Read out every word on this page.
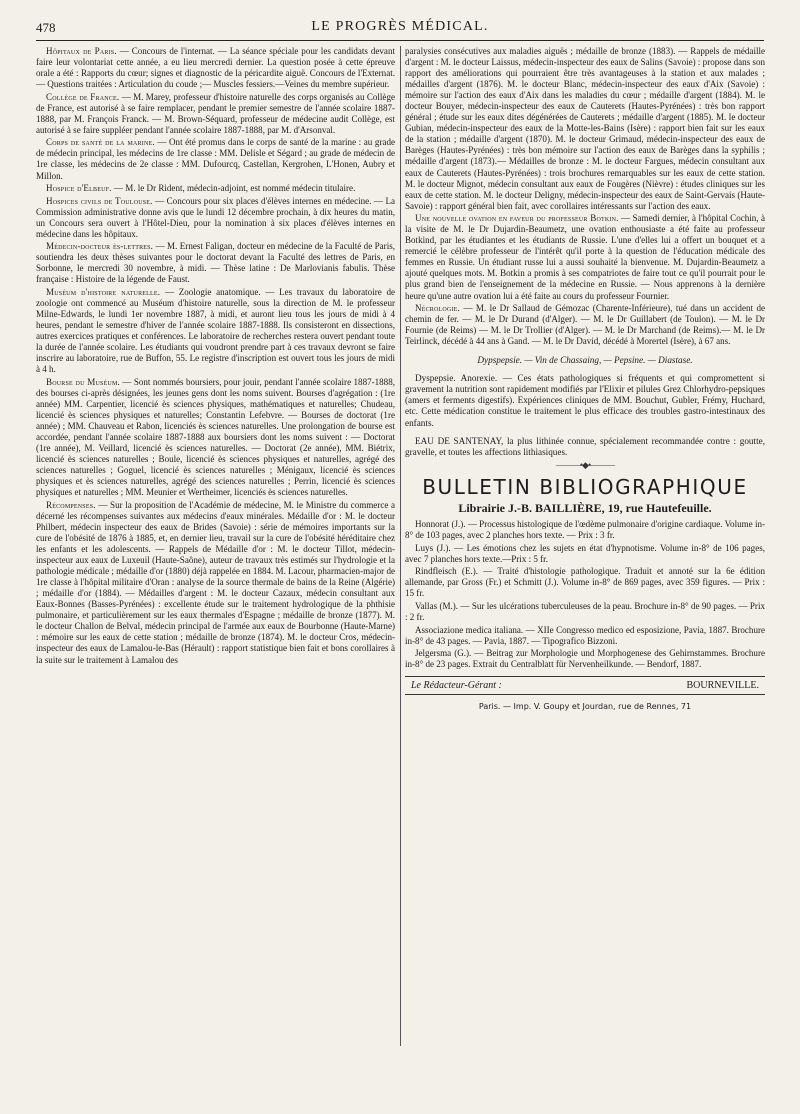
478	LE PROGRÈS MÉDICAL.

Hôpitaux de Paris. — Concours de l'internat. — La séance spéciale pour les candidats devant faire leur volontariat cette année, a eu lieu mercredi dernier. La question posée à cette épreuve orale a été : Rapports du cœur; signes et diagnostic de la péricardite aiguë. Concours de l'Externat. — Questions traitées : Articulation du coude ;— Muscles fessiers.—Veines du membre supérieur.

Collège de France. — M. Marey, professeur d'histoire naturelle des corps organisés au Collège de France, est autorisé à se faire remplacer, pendant le premier semestre de l'année scolaire 1887-1888, par M. François Franck. — M. Brown-Séquard, professeur de médecine audit Collège, est autorisé à se faire suppléer pendant l'année scolaire 1887-1888, par M. d'Arsonval.

Corps de santé de la marine. — Ont été promus dans le corps de santé de la marine : au grade de médecin principal, les médecins de 1re classe : MM. Delisle et Ségard ; au grade de médecin de 1re classe, les médecins de 2e classe : MM. Dufourcq, Castellan, Kergrohen, L'Honen, Aubry et Millon.

Hospice d'Elbeuf. — M. le Dr Rident, médecin-adjoint, est nommé médecin titulaire.

Hospices civils de Toulouse. — Concours pour six places d'élèves internes en médecine. — La Commission administrative donne avis que le lundi 12 décembre prochain, à dix heures du matin, un Concours sera ouvert à l'Hôtel-Dieu, pour la nomination à six places d'élèves internes en médecine dans les hôpitaux.

Médecin-docteur ès-lettres. — M. Ernest Faligan, docteur en médecine de la Faculté de Paris, soutiendra les deux thèses suivantes pour le doctorat devant la Faculté des lettres de Paris, en Sorbonne, le mercredi 30 novembre, à midi. — Thèse latine : De Marlovianis fabulis. Thèse française : Histoire de la légende de Faust.

Muséum d'histoire naturelle. — Zoologie anatomique. — Les travaux du laboratoire de zoologie ont commencé au Muséum d'histoire naturelle, sous la direction de M. le professeur Milne-Edwards, le lundi 1er novembre 1887, à midi, et auront lieu tous les jours de midi à 4 heures, pendant le semestre d'hiver de l'année scolaire 1887-1888. Ils consisteront en dissections, autres exercices pratiques et conférences. Le laboratoire de recherches restera ouvert pendant toute la durée de l'année scolaire. Les étudiants qui voudront prendre part à ces travaux devront se faire inscrire au laboratoire, rue de Buffon, 55. Le registre d'inscription est ouvert tous les jours de midi à 4 h.

Bourse du Muséum. — Sont nommés boursiers, pour jouir, pendant l'année scolaire 1887-1888, des bourses ci-après désignées, les jeunes gens dont les noms suivent. Bourses d'agrégation : (1re année) MM. Carpentier, licencié ès sciences physiques, mathématiques et naturelles; Chudeau, licencié ès sciences physiques et naturelles; Constantin Lefebvre. — Bourses de doctorat (1re année) ; MM. Chauveau et Rabon, licenciés ès sciences naturelles. Une prolongation de bourse est accordée, pendant l'année scolaire 1887-1888 aux boursiers dont les noms suivent : — Doctorat (1re année), M. Veillard, licencié ès sciences naturelles. — Doctorat (2e année), MM. Biétrix, licencié ès sciences naturelles ; Boule, licencié ès sciences physiques et naturelles, agrégé des sciences naturelles ; Goguel, licencié ès sciences naturelles ; Ménigaux, licencié ès sciences physiques et ès sciences naturelles, agrégé des sciences naturelles ; Perrin, licencié ès sciences physiques et naturelles ; MM. Meunier et Wertheimer, licenciés ès sciences naturelles.

Récompenses. — Sur la proposition de l'Académie de médecine, M. le Ministre du commerce a décerné les récompenses suivantes aux médecins d'eaux minérales. Médaille d'or : M. le docteur Philbert, médecin inspecteur des eaux de Brides (Savoie) : série de mémoires importants sur la cure de l'obésité de 1876 à 1885, et, en dernier lieu, travail sur la cure de l'obésité héréditaire chez les enfants et les adolescents. — Rappels de Médaille d'or : M. le docteur Tillot, médecin-inspecteur aux eaux de Luxeuil (Haute-Saône), auteur de travaux très estimés sur l'hydrologie et la pathologie médicale ; médaille d'or (1880) déjà rappelée en 1884. M. Lacour, pharmacien-major de 1re classe à l'hôpital militaire d'Oran : analyse de la source thermale de bains de la Reine (Algérie) ; médaille d'or (1884). — Médailles d'argent : M. le docteur Cazaux, médecin consultant aux Eaux-Bonnes (Basses-Pyrénées) : excellente étude sur le traitement hydrologique de la phthisie pulmonaire, et particulièrement sur les eaux thermales d'Espagne ; médaille de bronze (1877). M. le docteur Challon de Belval, médecin principal de l'armée aux eaux de Bourbonne (Haute-Marne) : mémoire sur les eaux de cette station ; médaille de bronze (1874). M. le docteur Cros, médecin-inspecteur des eaux de Lamalou-le-Bas (Hérault) : rapport statistique bien fait et bons corollaires à la suite sur le traitement à Lamalou des

paralysies consécutives aux maladies aiguës ; médaille de bronze (1883). — Rappels de médaille d'argent : M. le docteur Laissus, médecin-inspecteur des eaux de Salins (Savoie) : propose dans son rapport des améliorations qui pourraient être très avantageuses à la station et aux malades ; médailles d'argent (1876). M. le docteur Blanc, médecin-inspecteur des eaux d'Aix (Savoie) : mémoire sur l'action des eaux d'Aix dans les maladies du cœur ; médaille d'argent (1884). M. le docteur Bouyer, médecin-inspecteur des eaux de Cauterets (Hautes-Pyrénées) : très bon rapport général ; étude sur les eaux dites dégénérées de Cauterets ; médaille d'argent (1885). M. le docteur Gubian, médecin-inspecteur des eaux de la Motte-les-Bains (Isère) : rapport bien fait sur les eaux de la station ; médaille d'argent (1870). M. le docteur Grimaud, médecin-inspecteur des eaux de Barèges (Hautes-Pyrénées) : très bon mémoire sur l'action des eaux de Barèges dans la syphilis ; médaille d'argent (1873).— Médailles de bronze : M. le docteur Fargues, médecin consultant aux eaux de Cauterets (Hautes-Pyrénées) : trois brochures remarquables sur les eaux de cette station. M. le docteur Mignot, médecin consultant aux eaux de Fougères (Nièvre) : études cliniques sur les eaux de cette station. M. le docteur Deligny, médecin-inspecteur des eaux de Saint-Gervais (Haute-Savoie) : rapport général bien fait, avec corollaires intéressants sur l'action des eaux.

Une nouvelle ovation en faveur du professeur Botkin. — Samedi dernier, à l'hôpital Cochin, à la visite de M. le Dr Dujardin-Beaumetz, une ovation enthousiaste a été faite au professeur Botkind, par les étudiantes et les étudiants de Russie. L'une d'elles lui a offert un bouquet et a remercié le célèbre professeur de l'intérêt qu'il porte à la question de l'éducation médicale des femmes en Russie. Un étudiant russe lui a aussi souhaité la bienvenue. M. Dujardin-Beaumetz a ajouté quelques mots. M. Botkin a promis à ses compatriotes de faire tout ce qu'il pourrait pour le plus grand bien de l'enseignement de la médecine en Russie. — Nous apprenons à la dernière heure qu'une autre ovation lui a été faite au cours du professeur Fournier.

Nécrologie. — M. le Dr Sallaud de Gémozac (Charente-Inférieure), tué dans un accident de chemin de fer. — M. le Dr Durand (d'Alger). — M. le Dr Guillabert (de Toulon). — M. le Dr Fournie (de Reims) — M. le Dr Trollier (d'Alger). — M. le Dr Marchand (de Reims).— M. le Dr Teirlinck, décédé à 44 ans à Gand. — M. le Dr David, décédé à Morertel (Isère), à 67 ans.

Dypspepsie. — Vin de Chassaing, — Pepsine. — Diastase.

Dyspepsie. Anorexie. — Ces états pathologiques si fréquents et qui compromettent si gravement la nutrition sont rapidement modifiés par l'Elixir et pilules Grez Chlorhydro-pepsiques (amers et ferments digestifs). Expériences cliniques de MM. Bouchut, Gubler, Frémy, Huchard, etc. Cette médication constitue le traitement le plus efficace des troubles gastro-intestinaux des enfants.

EAU DE SANTENAY, la plus lithinée connue, spécialement recommandée contre : goutte, gravelle, et toutes les affections lithiasiques.

———•◆•———
BULLETIN BIBLIOGRAPHIQUE
Librairie J.-B. BAILLIÈRE, 19, rue Hautefeuille.

Honnorat (J.). — Processus histologique de l'œdème pulmonaire d'origine cardiaque. Volume in-8° de 103 pages, avec 2 planches hors texte. — Prix : 3 fr.

Luys (J.). — Les émotions chez les sujets en état d'hypnotisme. Volume in-8° de 106 pages, avec 7 planches hors texte.—Prix : 5 fr.

Rindfleisch (E.). — Traité d'histologie pathologique. Traduit et annoté sur la 6e édition allemande, par Gross (Fr.) et Schmitt (J.). Volume in-8° de 869 pages, avec 359 figures. — Prix : 15 fr.

Vallas (M.). — Sur les ulcérations tuberculeuses de la peau. Brochure in-8° de 90 pages. — Prix : 2 fr.

Associazione medica italiana. — XIIe Congresso medico ed esposizione, Pavia, 1887. Brochure in-8° de 43 pages. — Pavia, 1887. — Tipografico Bizzoni.

Jelgersma (G.). — Beitrag zur Morphologie und Morphogenese des Gehirnstammes. Brochure in-8° de 23 pages. Extrait du Centralblatt für Nervenheilkunde. — Bendorf, 1887.

Le Rédacteur-Gérant :	BOURNEVILLE.
Paris. — Imp. V. Goupy et Jourdan, rue de Rennes, 71
